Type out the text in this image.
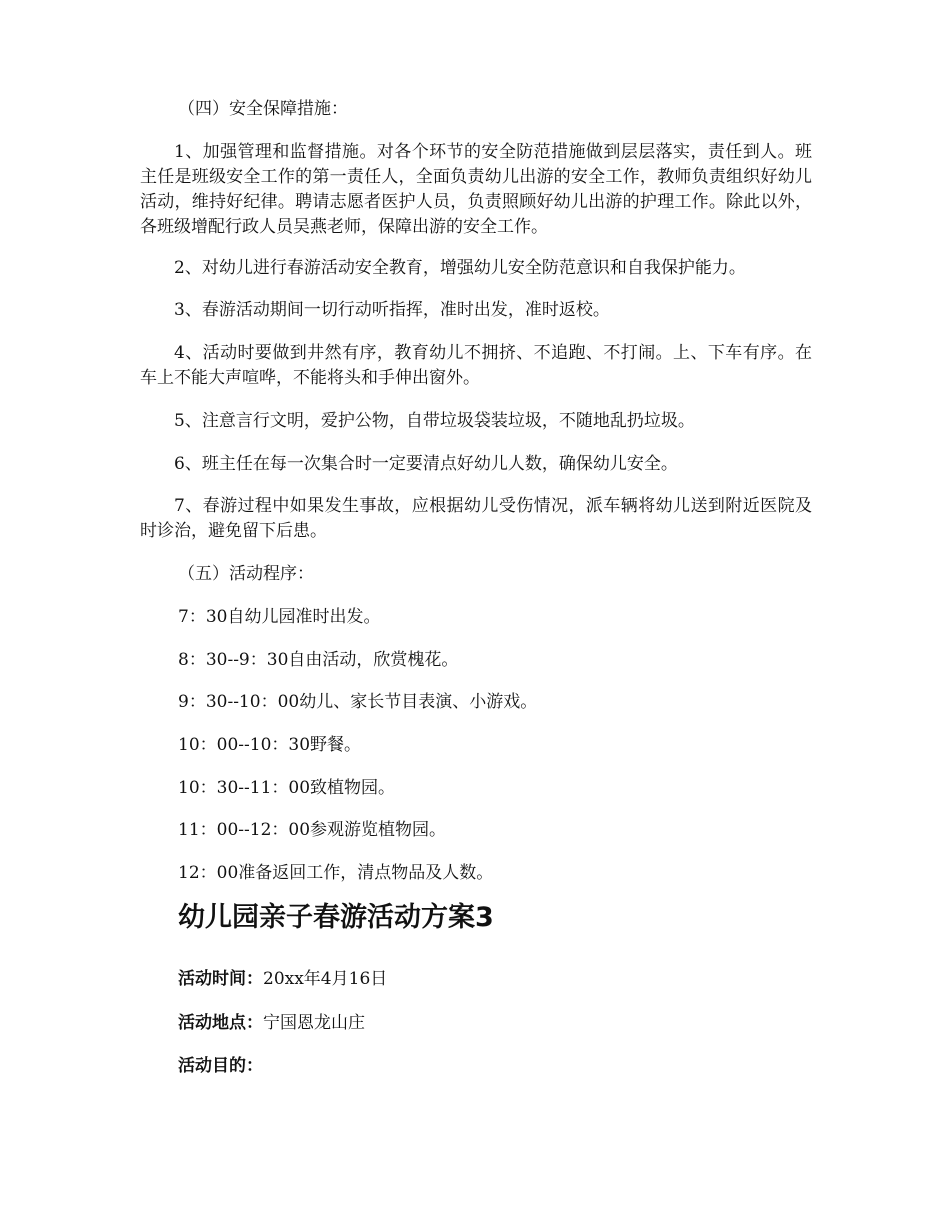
（四）安全保障措施：

1、加强管理和监督措施。对各个环节的安全防范措施做到层层落实，责任到人。班主任是班级安全工作的第一责任人，全面负责幼儿出游的安全工作，教师负责组织好幼儿活动，维持好纪律。聘请志愿者医护人员，负责照顾好幼儿出游的护理工作。除此以外，各班级增配行政人员吴燕老师，保障出游的安全工作。

2、对幼儿进行春游活动安全教育，增强幼儿安全防范意识和自我保护能力。

3、春游活动期间一切行动听指挥，准时出发，准时返校。

4、活动时要做到井然有序，教育幼儿不拥挤、不追跑、不打闹。上、下车有序。在车上不能大声喧哗，不能将头和手伸出窗外。

5、注意言行文明，爱护公物，自带垃圾袋装垃圾，不随地乱扔垃圾。

6、班主任在每一次集合时一定要清点好幼儿人数，确保幼儿安全。

7、春游过程中如果发生事故，应根据幼儿受伤情况，派车辆将幼儿送到附近医院及时诊治，避免留下后患。

（五）活动程序：

7：30自幼儿园准时出发。

8：30--9：30自由活动，欣赏槐花。

9：30--10：00幼儿、家长节目表演、小游戏。

10：00--10：30野餐。

10：30--11：00致植物园。

11：00--12：00参观游览植物园。

12：00准备返回工作，清点物品及人数。

幼儿园亲子春游活动方案3

活动时间：20xx年4月16日

活动地点：宁国恩龙山庄

活动目的：
